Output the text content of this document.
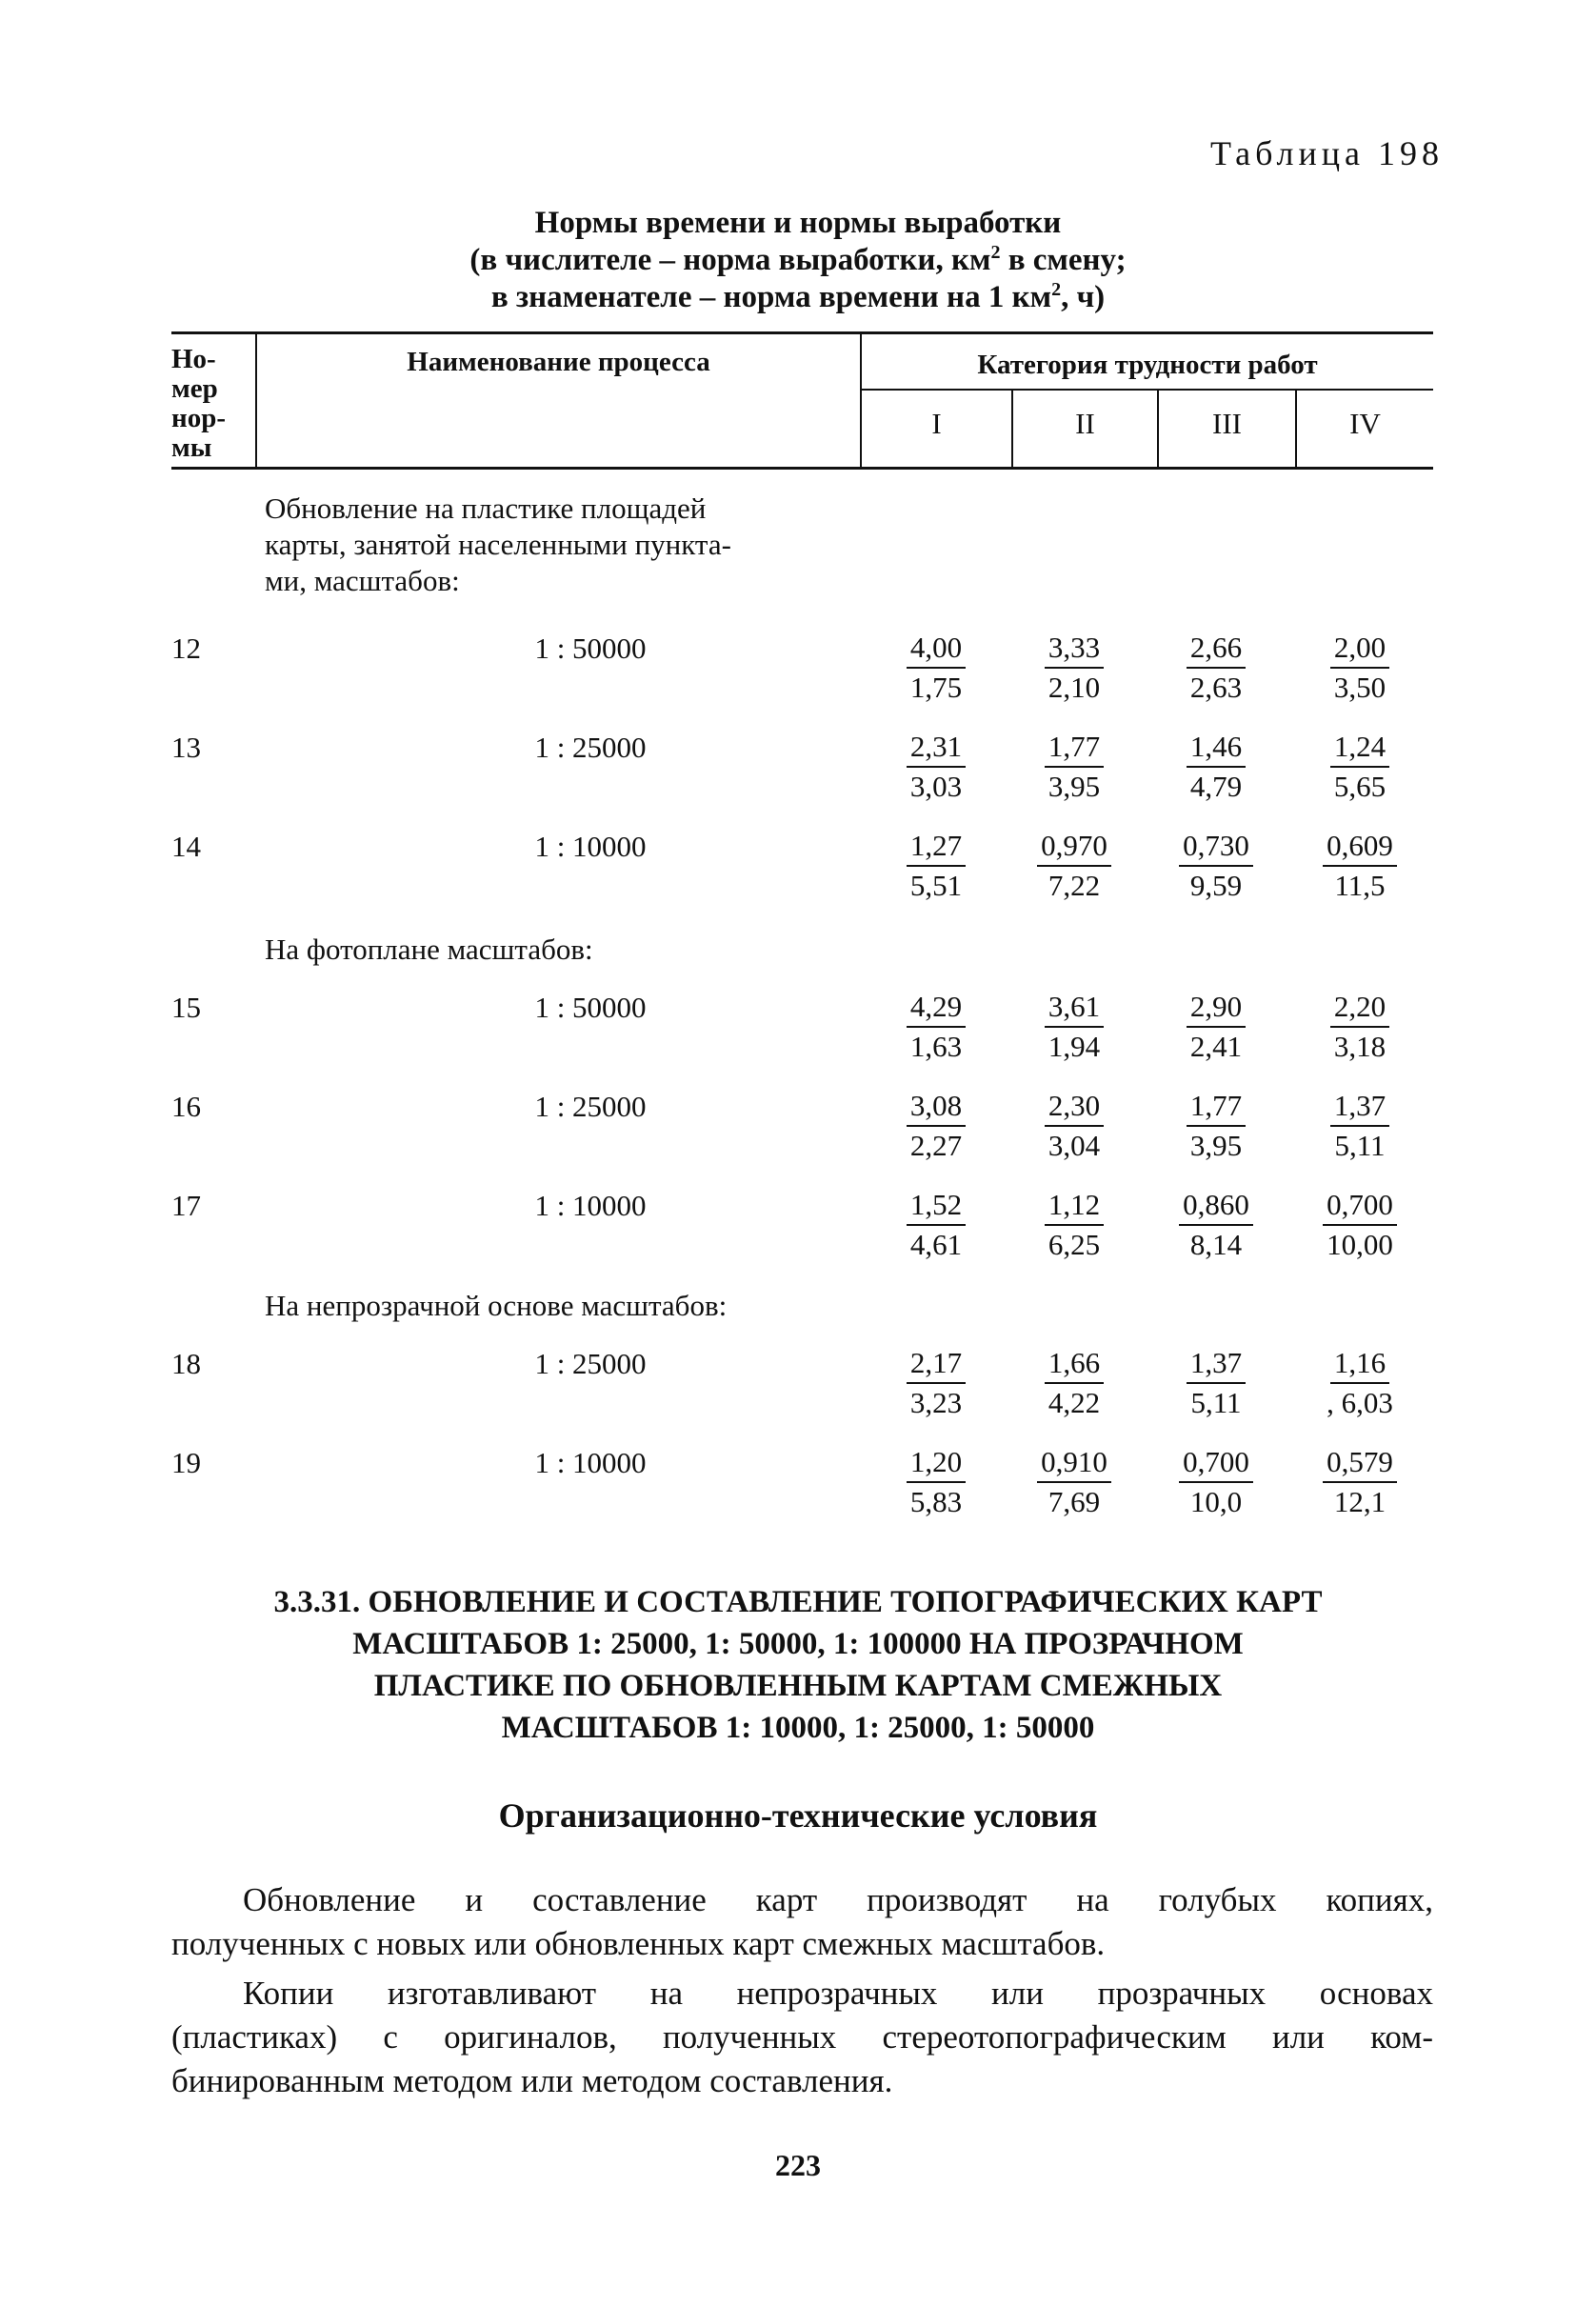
Таблица 198
Нормы времени и нормы выработки
(в числителе – норма выработки, $км^2$ в смену;
в знаменателе – норма времени на 1 $км^2$, ч)
Но-
мер
нор-
мы
Наименование процесса	Категория трудности работ
I	II	III	IV
Обновление на пластике площадей
карты, занятой населенными пункта-
ми, масштабов:
12	1 : 50000	$\frac{4,00}{1,75} \frac{3,33}{2,10} \frac{2,66}{2,63} \frac{2,00}{3,50}$
13	1 : 25000	$\frac{2,31}{3,03} \frac{1,77}{3,95} \frac{1,46}{4,79} \frac{1,24}{5,65}$
14	1 : 10000	$\frac{1,27}{5,51} \frac{0,970}{7,22} \frac{0,730}{9,59} \frac{0,609}{11,5}$
На фотоплане масштабов:
15	1 : 50000	$\frac{4,29}{1,63} \frac{3,61}{1,94} \frac{2,90}{2,41} \frac{2,20}{3,18}$
16	1 : 25000	$\frac{3,08}{2,27} \frac{2,30}{3,04} \frac{1,77}{3,95} \frac{1,37}{5,11}$
17	1 : 10000	$\frac{1,52}{4,61} \frac{1,12}{6,25} \frac{0,860}{8,14} \frac{0,700}{10,00}$
На непрозрачной основе масштабов:
18	1 : 25000	$\frac{2,17}{3,23} \frac{1,66}{4,22} \frac{1,37}{5,11} \frac{1,16}{, 6,03}$
19	1 : 10000	$\frac{1,20}{5,83} \frac{0,910}{7,69} \frac{0,700}{10,0} \frac{0,579}{12,1}$
3.3.31. ОБНОВЛЕНИЕ И СОСТАВЛЕНИЕ ТОПОГРАФИЧЕСКИХ КАРТ
МАСШТАБОВ 1: 25000, 1: 50000, 1: 100000 НА ПРОЗРАЧНОМ
ПЛАСТИКЕ ПО ОБНОВЛЕННЫМ КАРТАМ СМЕЖНЫХ
МАСШТАБОВ 1: 10000, 1: 25000, 1: 50000
Организационно-технические условия
Обновление и составление карт производят на голубых копиях,
полученных с новых или обновленных карт смежных масштабов.
Копии изготавливают на непрозрачных или прозрачных основах
(пластиках) с оригиналов, полученных стереотопографическим или ком-
бинированным методом или методом составления.
223
